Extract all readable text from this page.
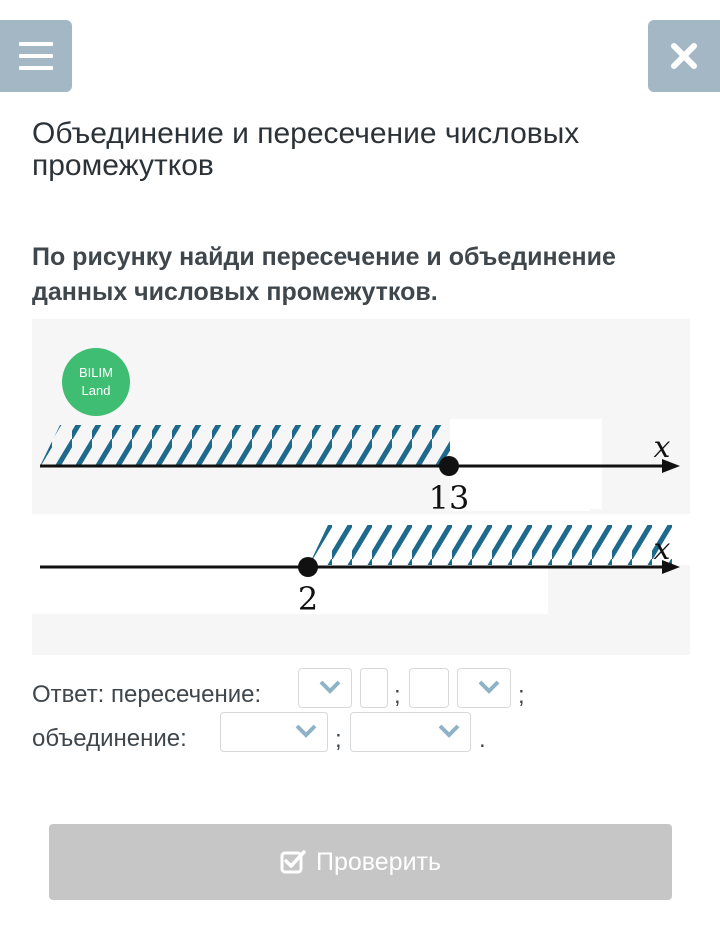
Объединение и пересечение числовых промежутков

По рисунку найди пересечение и объединение данных числовых промежутков.

BILIM
Land
13
x
2
x
Ответ: пересечение:	;	;
объединение:	;	.
Проверить
